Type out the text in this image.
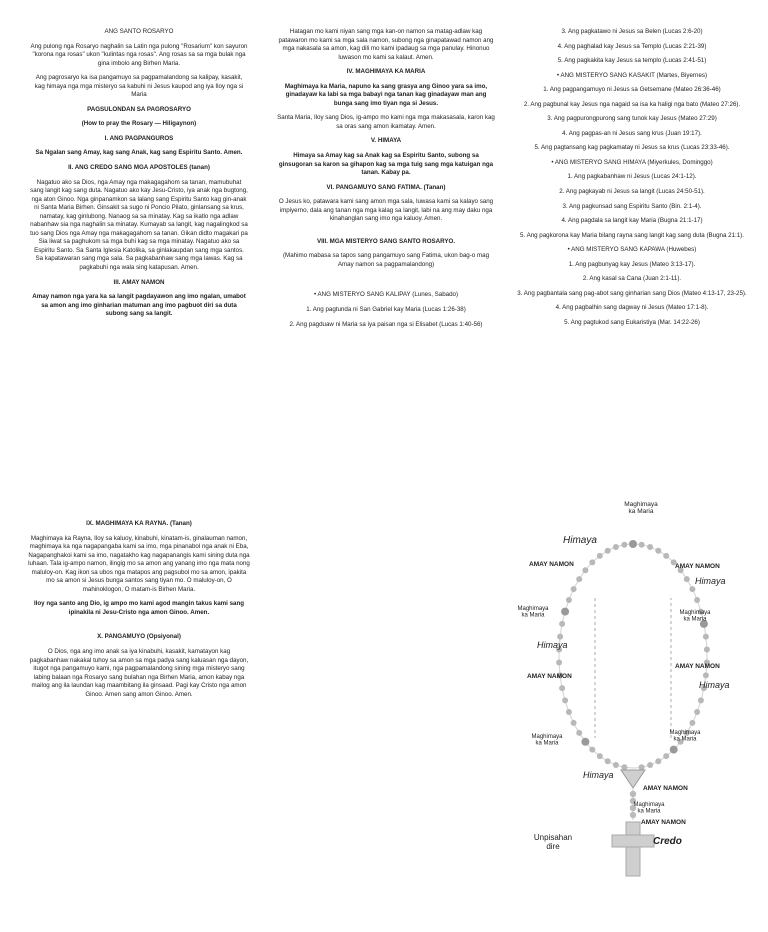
ANG SANTO ROSARYO

Ang pulong nga Rosaryo naghalin sa Latin nga pulong "Rosarium" kon sayuron "korona nga rosas" ukon "kulintas nga rosas". Ang rosas sa sa mga bulak nga gina imbolo ang Birhen Maria.

Ang pagrosaryo ka isa pangamuyo sa pagpamalandong sa kalipay, kasakit, kag himaya nga mga misteryo sa kabuhi ni Jesus kaupod ang iya Iloy nga si Maria

PAGSULONDAN SA PAGROSARYO

(How to pray the Rosary — Hiligaynon)

I. ANG PAGPANGUROS

Sa Ngalan sang Amay, kag sang Anak, kag sang Espiritu Santo. Amen.

II. ANG CREDO SANG MGA APOSTOLES (tanan)

Nagatuo ako sa Dios, nga Amay nga makagagahom sa tanan, mamubuhat sang langit kag sang duta. Nagatuo ako kay Jesu-Cristo, iya anak nga bugtong, nga aton Ginoo. Nga ginpanamkon sa lalang sang Espiritu Santo kag gin-anak ni Santa Maria Birhen. Ginsakit sa sugo ni Poncio Pilato, ginlansang sa krus, namatay, kag ginlubong. Nanaog sa sa minatay. Kag sa ikatlo nga adlaw nabanhaw sia nga naghalin sa minatay. Kumayab sa langit, kag nagalingkod sa tuo sang Dios nga Amay nga makagagahom sa tanan. Gikan didto magakari pa Sia liwat sa paghukom sa mga buhi kag sa mga minatay. Nagatuo ako sa Espiritu Santo. Sa Santa Iglesia Katolika, sa ginlakaupdan sang mga santos. Sa kapatawaran sang mga sala. Sa pagkabanhaw sang mga lawas. Kag sa pagkabuhi nga wala sing katapusan. Amen.

III. AMAY NAMON

Amay namon nga yara ka sa langit pagdayawon ang imo ngalan, umabot sa amon ang imo ginharian matuman ang imo pagbuot diri sa duta subong sang sa langit.

Hatagan mo kami niyan sang mga kan-on namon sa matag-adlaw kag patawaron mo kami sa mga sala namon, subong nga ginapatawad namon ang mga nakasala sa amon, kag dili mo kami ipadaug sa mga panulay. Hinonuo luwason mo kami sa kalaut. Amen.

IV. MAGHIMAYA KA MARIA

Maghimaya ka Maria, napuno ka sang grasya ang Ginoo yara sa imo, ginadayaw ka labi sa mga babayi nga tanan kag ginadayaw man ang bunga sang imo tiyan nga si Jesus.

Santa Maria, Iloy sang Dios, ig-ampo mo kami nga mga makasasala, karon kag sa oras sang amon ikamatay. Amen.

V. HIMAYA

Himaya sa Amay kag sa Anak kag sa Espiritu Santo, subong sa ginsugoran sa karon sa gihapon kag sa mga tuig sang mga katuigan nga tanan. Kabay pa.

VI. PANGAMUYO SANG FATIMA. (Tanan)

O Jesus ko, patawara kami sang amon mga sala, luwasa kami sa kalayo sang impiyerno, dala ang tanan nga mga kalag sa langit, labi na ang may daku nga kinahanglan sang imo nga kaluoy. Amen.

VIII. MGA MISTERYO SANG SANTO ROSARYO.

(Mahimo mabasa sa tapos sang pangamuyo sang Fatima, ukon bag-o mag Amay namon sa pagpamalandong)

• ANG MISTERYO SANG KALIPAY (Lunes, Sabado)

1. Ang pagtunda ni San Gabriel kay Maria (Lucas 1:26-38)
2. Ang pagduaw ni Maria sa iya paisan nga si Elisabet (Lucas 1:40-56)
3. Ang pagkatawo ni Jesus sa Belen (Lucas 2:6-20)
4. Ang paghalad kay Jesus sa Templo (Lucas 2:21-39)
5. Ang pagkakita kay Jesus sa templo (Lucas 2:41-51)

• ANG MISTERYO SANG KASAKIT (Martes, Biyernes)

1. Ang pagpangamuyo ni Jesus sa Getsemane (Mateo 26:36-46)
2. Ang pagbunal kay Jesus nga nagaid sa isa ka haligi nga bato (Mateo 27:26).
3. Ang pagpurongpurong sang tunok kay Jesus (Mateo 27:29)
4. Ang pagpas-an ni Jesus sang krus (Juan 19:17).
5. Ang pagtansang kag pagkamatay ni Jesus sa krus (Lucas 23:33-46).

• ANG MISTERYO SANG HIMAYA (Miyerkules, Dominggo)

1. Ang pagkabanhaw ni Jesus (Lucas 24:1-12).
2. Ang pagkayab ni Jesus sa langit (Lucas 24:50-51).
3. Ang pagkunsad sang Espiritu Santo (Bin. 2:1-4).
4. Ang pagdala sa langit kay Maria (Bugna 21:1-17)
5. Ang pagkorona kay Maria bilang rayna sang langit kag sang duta (Bugna 21:1).

• ANG MISTERYO SANG KAPAWA (Huwebes)

1. Ang pagbunyag kay Jesus (Mateo 3:13-17).
2. Ang kasal sa Cana (Juan 2:1-11).
3. Ang pagbantala sang pag-abot sang ginharian sang Dios (Mateo 4:13-17, 23-25).
4. Ang pagbalhin sang dagway ni Jesus (Mateo 17:1-8).
5. Ang pagtukod sang Eukaristiya (Mar. 14:22-26)

IX. MAGHIMAYA KA RAYNA. (Tanan)

Maghimaya ka Rayna, Iloy sa kaluoy, kinabuhi, kinatam-is, ginalauman namon, maghimaya ka nga nagapangaba kami sa imo, mga pinanabol nga anak ni Eba, Nagapanghakoi kami sa imo, nagatakho kag nagapanangis kami sining duta nga luhaan. Tala ig-ampo namon, ilingig mo sa amon ang yanang imo nga mata nong maluloy-on. Kag ikon sa ubos nga matapos ang pagsubol mo sa amon, ipakita mo sa amon si Jesus bunga santos sang tiyan mo. O maluloy-on, O mahinoklogon, O matam-is Birhen Maria.

Iloy nga santo ang Dio, ig ampo mo kami agod mangin takus kami sang ipinakila ni Jesu-Cristo nga amon Ginoo. Amen.

X. PANGAMUYO (Opsiyonal)

O Dios, nga ang imo anak sa iya kinabuhi, kasakit, kamatayon kag pagkabanhaw nakakal tuhoy sa amon sa mga padya sang kaluasan nga dayon, itugot nga pangamuyo kami, nga pagpamalandong sining mga misteryo sang labing balaan nga Rosaryo sang bulahan nga Birhen Maria, amon kabay nga mailog ang ila laundan kag maambitang ila ginsaad. Pagi kay Cristo nga amon Ginoo. Amen sang amon Ginoo. Amen.

Maghimaya ka Maria
Himaya
AMAY NAMON	AMAY NAMON
Himaya
Maghimaya ka Maria	Maghimaya ka Maria
Himaya
AMAY NAMON
AMAY NAMON
Himaya
Maghimaya ka Maria
Maghimaya ka Maria
Himaya
AMAY NAMON
Maghimaya ka Maria
AMAY NAMON
Unpisahan dire	Credo
